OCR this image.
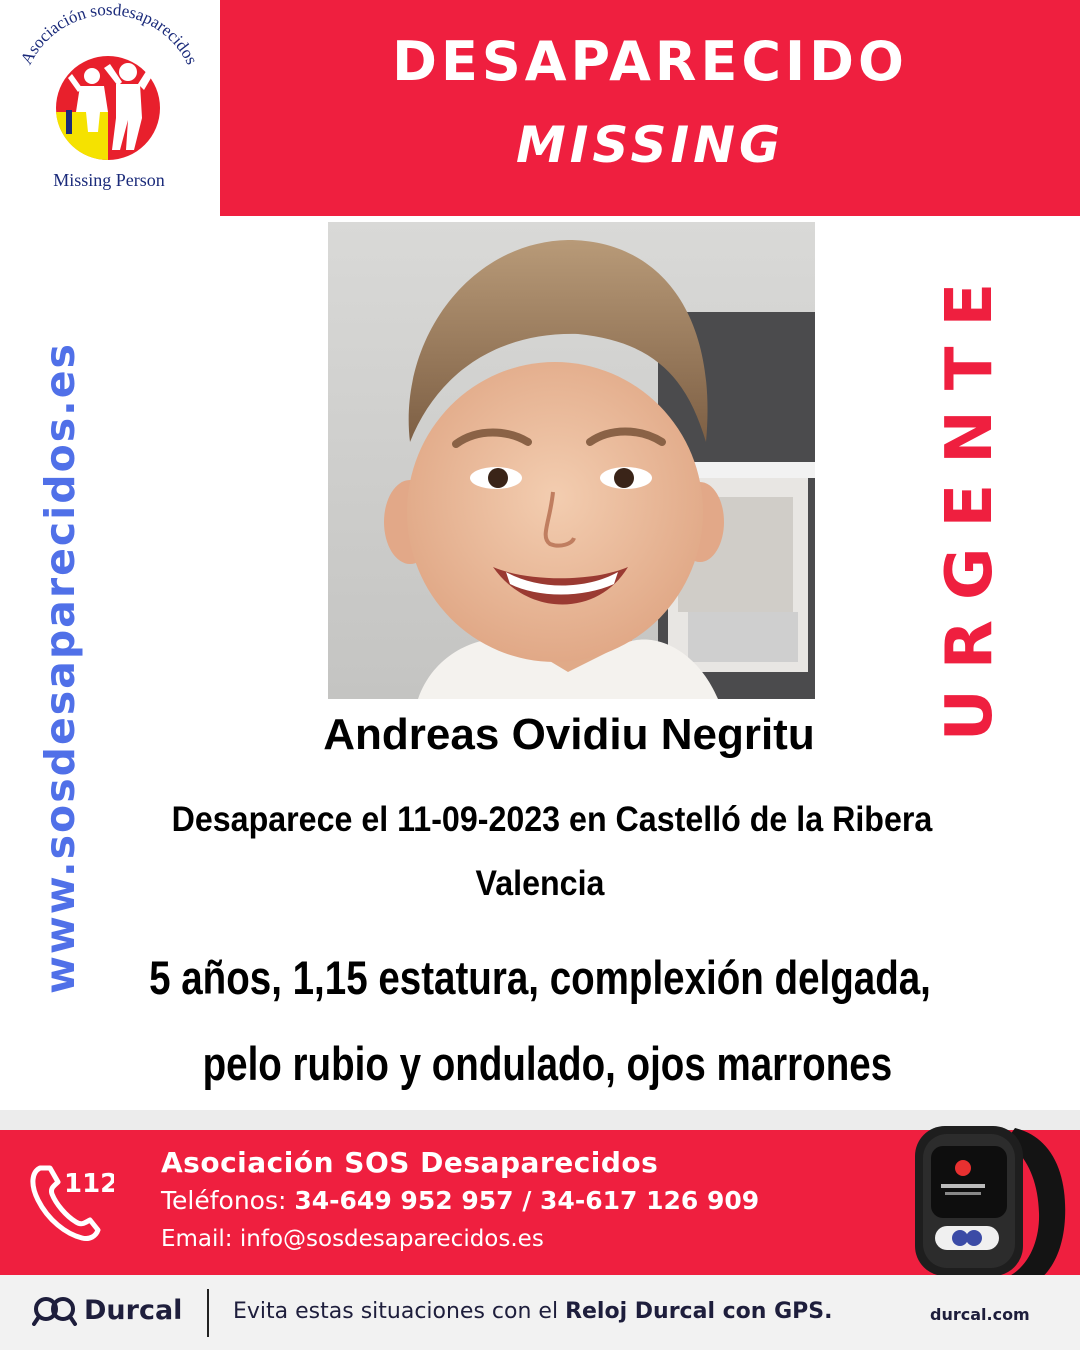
Asociación sosdesaparecidos
Missing Person
DESAPARECIDO
MISSING
www.sosdesaparecidos.es	URGENTE
Andreas Ovidiu Negritu
Desaparece el 11-09-2023 en Castelló de la Ribera
Valencia
5 años, 1,15 estatura, complexión delgada,
pelo rubio y ondulado, ojos marrones
112
Asociación SOS Desaparecidos
Teléfonos: 34-649 952 957 / 34-617 126 909
Email: info@sosdesaparecidos.es
Durcal Evita estas situaciones con el Reloj Durcal con GPS.	durcal.com
